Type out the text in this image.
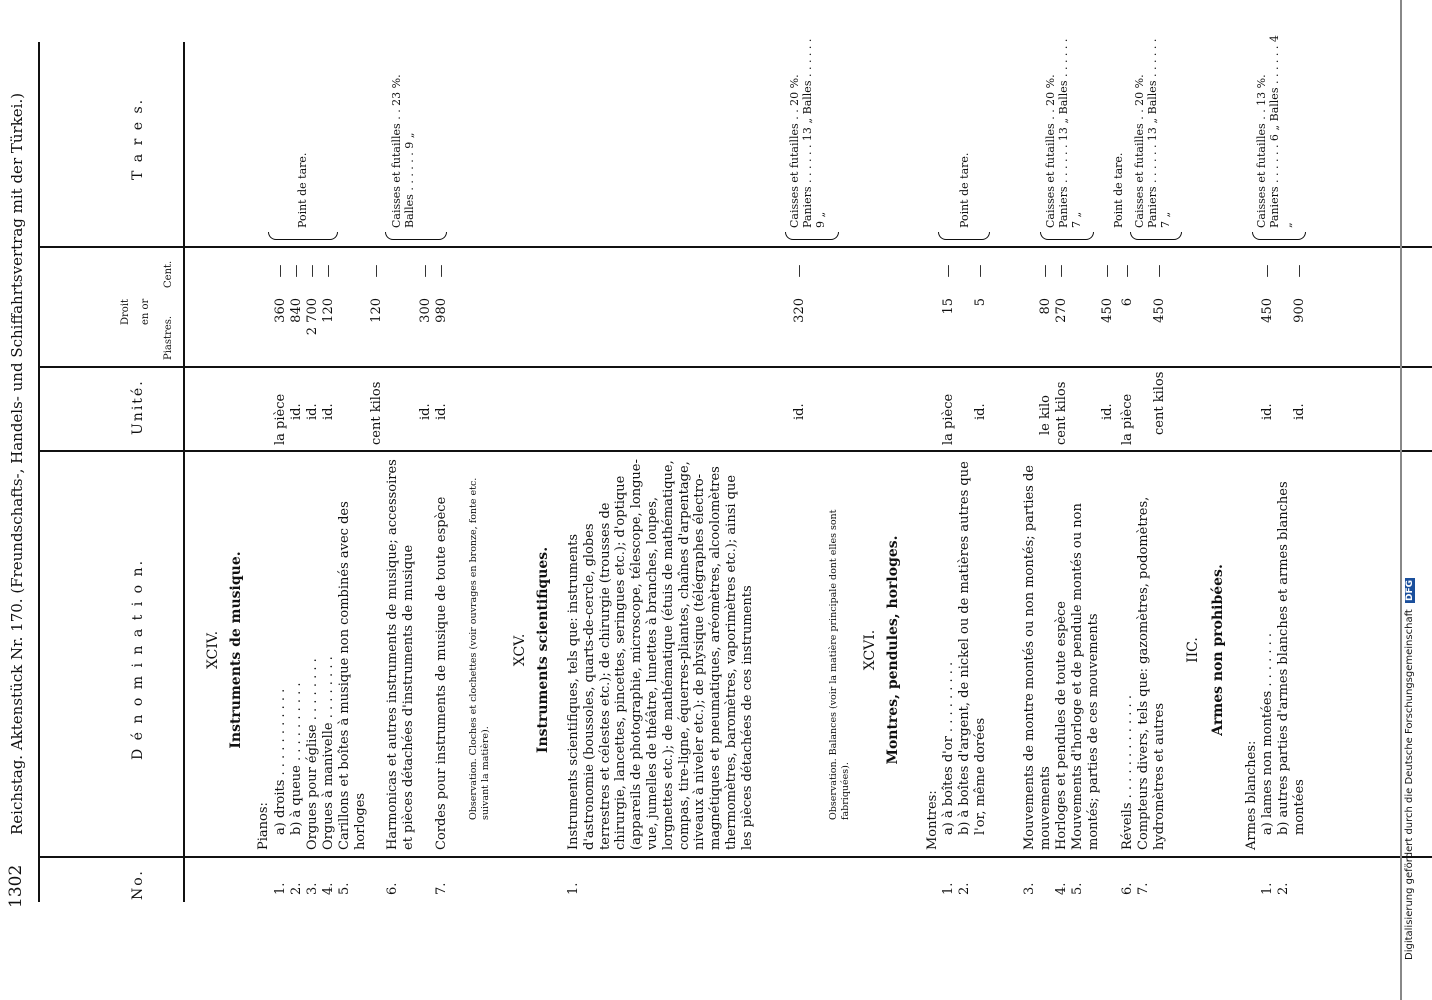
1302
Reichstag. Aktenstück Nr. 170. (Freundschafts-, Handels- und Schiffahrtsvertrag mit der Türkei.)
No.
D é n o m i n a t i o n.
Unité.
Droit en or
Piastres.
Cent.
T a r e s.
XCIV. Instruments de musique.
Pianos:
1.
a) droits . . . . . . . . . . .
la pièce
360
—
2.
b) à queue . . . . . . . . . .
id.
840
—
3.
Orgues pour église . . . . . . . .
id.
2 700
—
4.
Orgues à manivelle . . . . . . . .
id.
120
—
Point de tare.
5.
Carillons et boîtes à musique non combinés avec des horloges
cent kilos
120
—
6.
Harmonicas et autres instruments de musique; accessoires et pièces détachées d'instruments de musique
id.
300
—
Caisses et futailles . . 23 %. Balles . . . . . . 9 „
7.
Cordes pour instruments de musique de toute espèce
id.
980
—
Observation. Cloches et clochettes (voir ouvrages en bronze, fonte etc. suivant la matière).
XCV. Instruments scientifiques.
1.
Instruments scientifiques, tels que: instruments d'astronomie (boussoles, quarts-de-cercle, globes terrestres et célestes etc.); de chirurgie (trousses de chirurgie, lancettes, pincettes, seringues etc.); d'optique (appareils de photographie, microscope, télescope, longue-vue, jumelles de théâtre, lunettes à branches, loupes, lorgnettes etc.); de mathématique (étuis de mathématique, compas, tire-ligne, équerres-pliantes, chaînes d'arpentage, niveaux à niveler etc.); de physique (télégraphes électro-magnétiques et pneumatiques, aréomètres, alcoolomètres thermomètres, baromètres, vaporimètres etc.); ainsi que les pièces détachées de ces instruments
id.
320
—
Caisses et futailles . . 20 %. Paniers . . . . . . 13 „ Balles . . . . . . 9 „
Observation. Balances (voir la matière principale dont elles sont fabriquées).
XCVI. Montres, pendules, horloges.
Montres:
1.
a) à boîtes d'or . . . . . . . . .
la pièce
15
—
2.
b) à boîtes d'argent, de nickel ou de matières autres que l'or, même dorées
id.
5
—
Point de tare.
3.
Mouvements de montre montés ou non montés; parties de mouvements
le kilo
80
—
4.
Horloges et pendules de toute espèce
cent kilos
270
—
Caisses et futailles . . 20 %. Paniers . . . . . . 13 „ Balles . . . . . . 7 „
5.
Mouvements d'horloge et de pendule montés ou non montés; parties de ces mouvements
id.
450
—
6.
Réveils . . . . . . . . . . . . .
la pièce
6
—
Point de tare.
7.
Compteurs divers, tels que: gazomètres, podomètres, hydromètres et autres
cent kilos
450
—
Caisses et futailles . . 20 %. Paniers . . . . . . 13 „ Balles . . . . . . 7 „
IIC. Armes non prohibées.
Armes blanches:
1.
a) lames non montées . . . . . . .
id.
450
—
Caisses et futailles . . 13 %. Paniers . . . . . . 6 „ Balles . . . . . . 4 „
2.
b) autres parties d'armes blanches et armes blanches montées
id.
900
—
Digitalisierung gefördert durch die Deutsche Forschungsgemeinschaft DFG
